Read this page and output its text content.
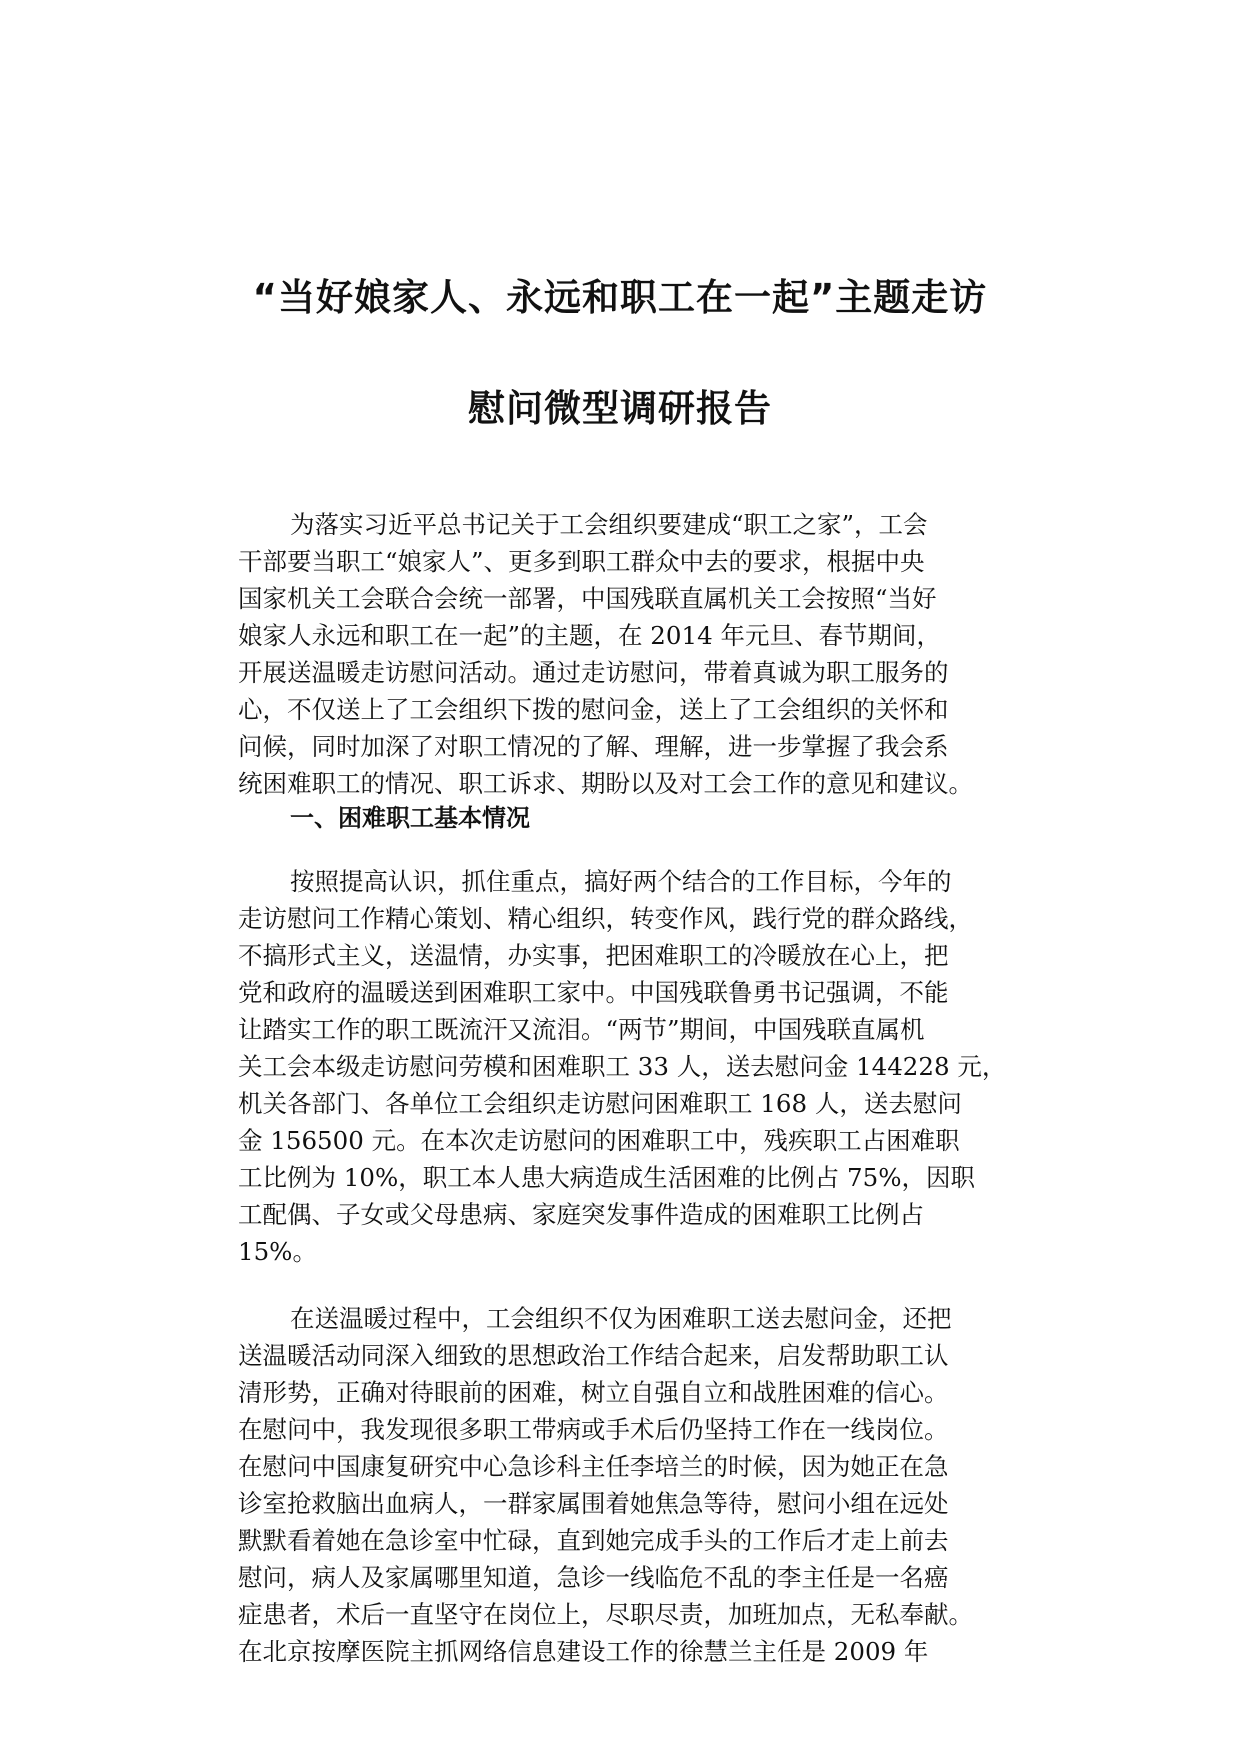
“当好娘家人、永远和职工在一起”主题走访
慰问微型调研报告
为落实习近平总书记关于工会组织要建成“职工之家”，工会
干部要当职工“娘家人”、更多到职工群众中去的要求，根据中央
国家机关工会联合会统一部署，中国残联直属机关工会按照“当好
娘家人永远和职工在一起”的主题，在 2014 年元旦、春节期间，
开展送温暖走访慰问活动。通过走访慰问，带着真诚为职工服务的
心，不仅送上了工会组织下拨的慰问金，送上了工会组织的关怀和
问候，同时加深了对职工情况的了解、理解，进一步掌握了我会系
统困难职工的情况、职工诉求、期盼以及对工会工作的意见和建议。
一、困难职工基本情况
按照提高认识，抓住重点，搞好两个结合的工作目标，今年的
走访慰问工作精心策划、精心组织，转变作风，践行党的群众路线，
不搞形式主义，送温情，办实事，把困难职工的冷暖放在心上，把
党和政府的温暖送到困难职工家中。中国残联鲁勇书记强调，不能
让踏实工作的职工既流汗又流泪。“两节”期间，中国残联直属机
关工会本级走访慰问劳模和困难职工 33 人，送去慰问金 144228 元，
机关各部门、各单位工会组织走访慰问困难职工 168 人，送去慰问
金 156500 元。在本次走访慰问的困难职工中，残疾职工占困难职
工比例为 10%，职工本人患大病造成生活困难的比例占 75%，因职
工配偶、子女或父母患病、家庭突发事件造成的困难职工比例占
15%。
在送温暖过程中，工会组织不仅为困难职工送去慰问金，还把
送温暖活动同深入细致的思想政治工作结合起来，启发帮助职工认
清形势，正确对待眼前的困难，树立自强自立和战胜困难的信心。
在慰问中，我发现很多职工带病或手术后仍坚持工作在一线岗位。
在慰问中国康复研究中心急诊科主任李培兰的时候，因为她正在急
诊室抢救脑出血病人，一群家属围着她焦急等待，慰问小组在远处
默默看着她在急诊室中忙碌，直到她完成手头的工作后才走上前去
慰问，病人及家属哪里知道，急诊一线临危不乱的李主任是一名癌
症患者，术后一直坚守在岗位上，尽职尽责，加班加点，无私奉献。
在北京按摩医院主抓网络信息建设工作的徐慧兰主任是 2009 年
